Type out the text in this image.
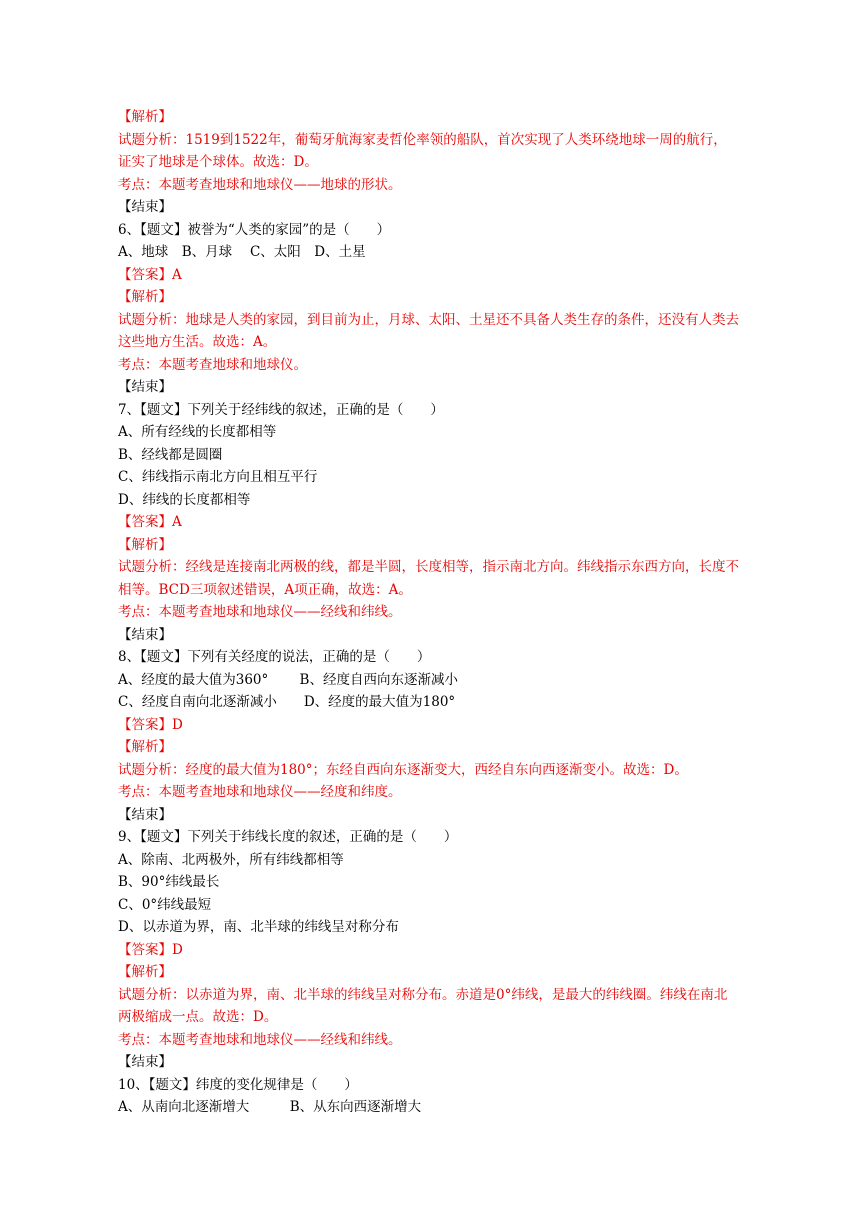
【解析】

试题分析：1519到1522年，葡萄牙航海家麦哲伦率领的船队，首次实现了人类环绕地球一周的航行，证实了地球是个球体。故选：D。

考点：本题考查地球和地球仪——地球的形状。

【结束】

6、【题文】被誉为“人类的家园”的是（　　）

A、地球　B、月球　 C、太阳　D、土星

【答案】A

【解析】

试题分析：地球是人类的家园，到目前为止，月球、太阳、土星还不具备人类生存的条件，还没有人类去这些地方生活。故选：A。

考点：本题考查地球和地球仪。

【结束】

7、【题文】下列关于经纬线的叙述，正确的是（　　）

A、所有经线的长度都相等

B、经线都是圆圈

C、纬线指示南北方向且相互平行

D、纬线的长度都相等

【答案】A

【解析】

试题分析：经线是连接南北两极的线，都是半圆，长度相等，指示南北方向。纬线指示东西方向，长度不相等。BCD三项叙述错误，A项正确，故选：A。

考点：本题考查地球和地球仪——经线和纬线。

【结束】

8、【题文】下列有关经度的说法，正确的是（　　）

A、经度的最大值为360°　　 B、经度自西向东逐渐减小

C、经度自南向北逐渐减小　　D、经度的最大值为180°

【答案】D

【解析】

试题分析：经度的最大值为180°；东经自西向东逐渐变大，西经自东向西逐渐变小。故选：D。

考点：本题考查地球和地球仪——经度和纬度。

【结束】

9、【题文】下列关于纬线长度的叙述，正确的是（　　）

A、除南、北两极外，所有纬线都相等

B、90°纬线最长

C、0°纬线最短

D、以赤道为界，南、北半球的纬线呈对称分布

【答案】D

【解析】

试题分析：以赤道为界，南、北半球的纬线呈对称分布。赤道是0°纬线，是最大的纬线圈。纬线在南北两极缩成一点。故选：D。

考点：本题考查地球和地球仪——经线和纬线。

【结束】

10、【题文】纬度的变化规律是（　　）

A、从南向北逐渐增大　　　B、从东向西逐渐增大
